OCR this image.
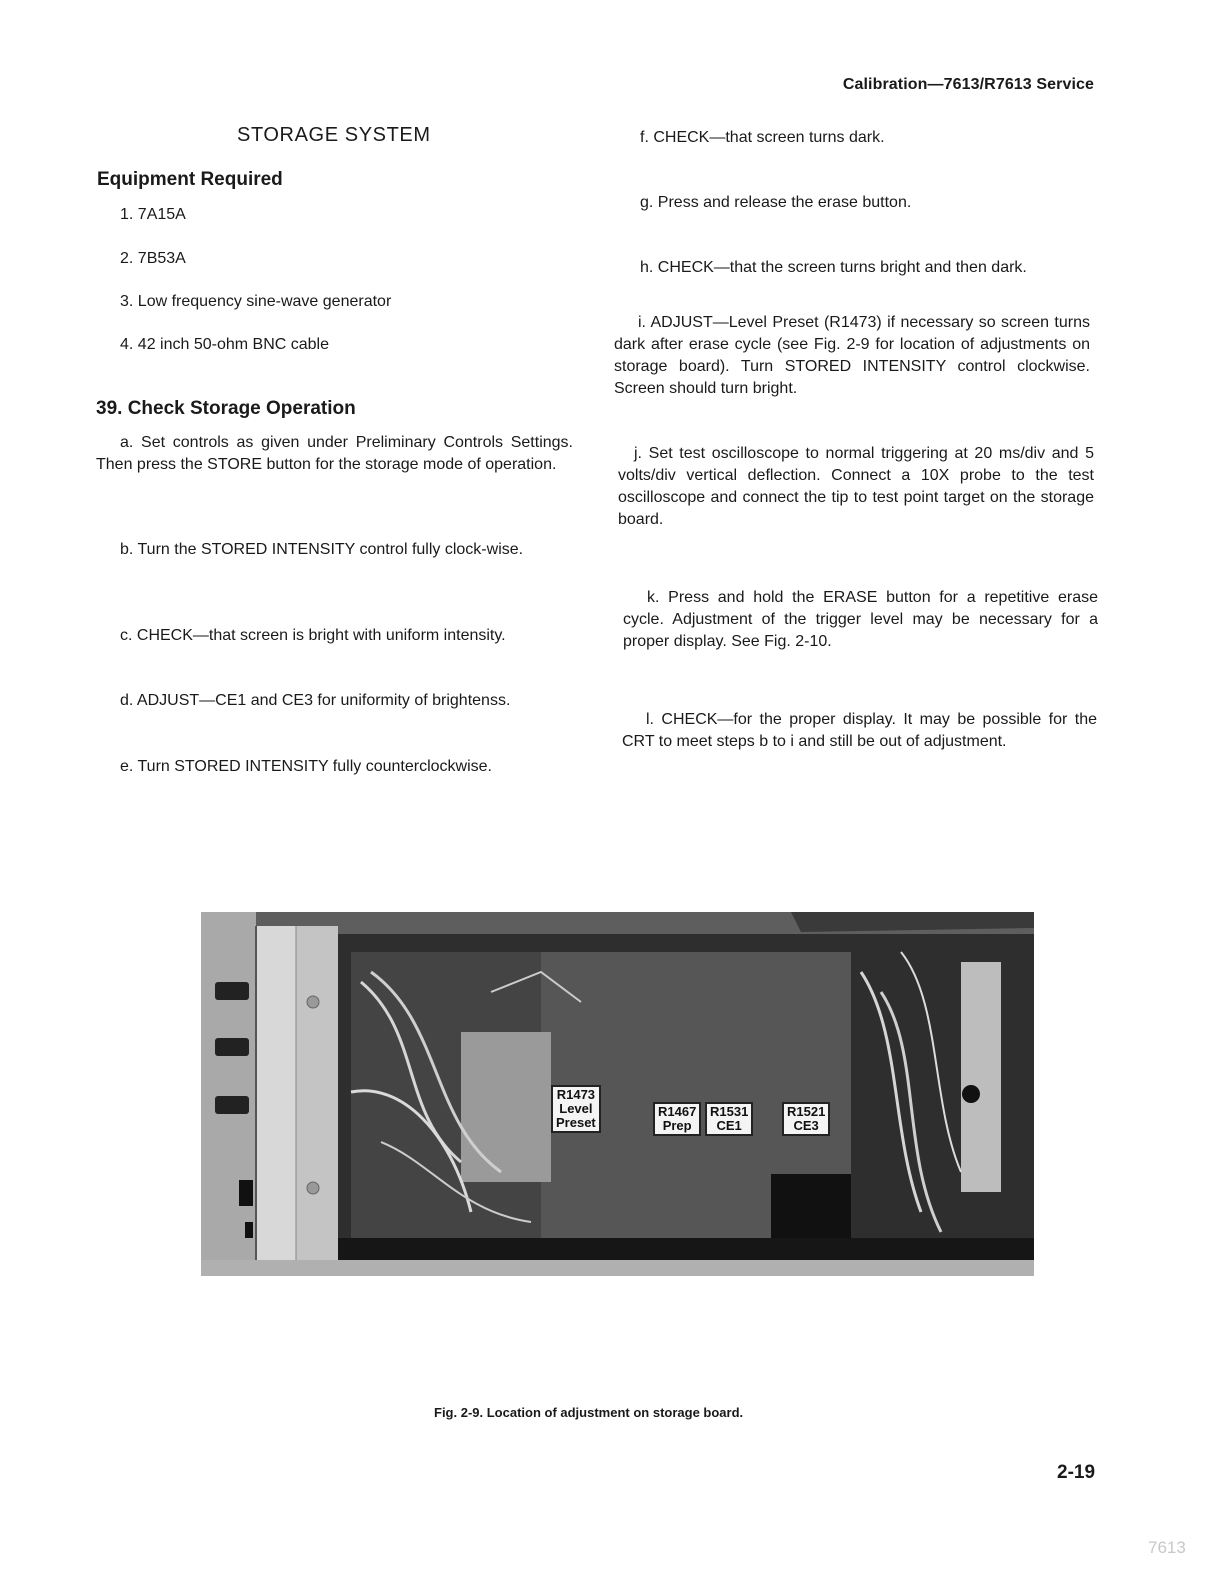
Calibration—7613/R7613 Service
STORAGE SYSTEM
Equipment Required
1. 7A15A
2. 7B53A
3. Low frequency sine-wave generator
4. 42 inch 50-ohm BNC cable
39. Check Storage Operation
a. Set controls as given under Preliminary Controls Settings. Then press the STORE button for the storage mode of operation.
b. Turn the STORED INTENSITY control fully clock-wise.
c. CHECK—that screen is bright with uniform intensity.
d. ADJUST—CE1 and CE3 for uniformity of brightenss.
e. Turn STORED INTENSITY fully counterclockwise.
f. CHECK—that screen turns dark.
g. Press and release the erase button.
h. CHECK—that the screen turns bright and then dark.
i. ADJUST—Level Preset (R1473) if necessary so screen turns dark after erase cycle (see Fig. 2-9 for location of adjustments on storage board). Turn STORED INTENSITY control clockwise. Screen should turn bright.
j. Set test oscilloscope to normal triggering at 20 ms/div and 5 volts/div vertical deflection. Connect a 10X probe to the test oscilloscope and connect the tip to test point target on the storage board.
k. Press and hold the ERASE button for a repetitive erase cycle. Adjustment of the trigger level may be necessary for a proper display. See Fig. 2-10.
l. CHECK—for the proper display. It may be possible for the CRT to meet steps b to i and still be out of adjustment.
R1473
Level
Preset
R1467
Prep
R1531
CE1
R1521
CE3
Fig. 2-9. Location of adjustment on storage board.
2-19
7613
